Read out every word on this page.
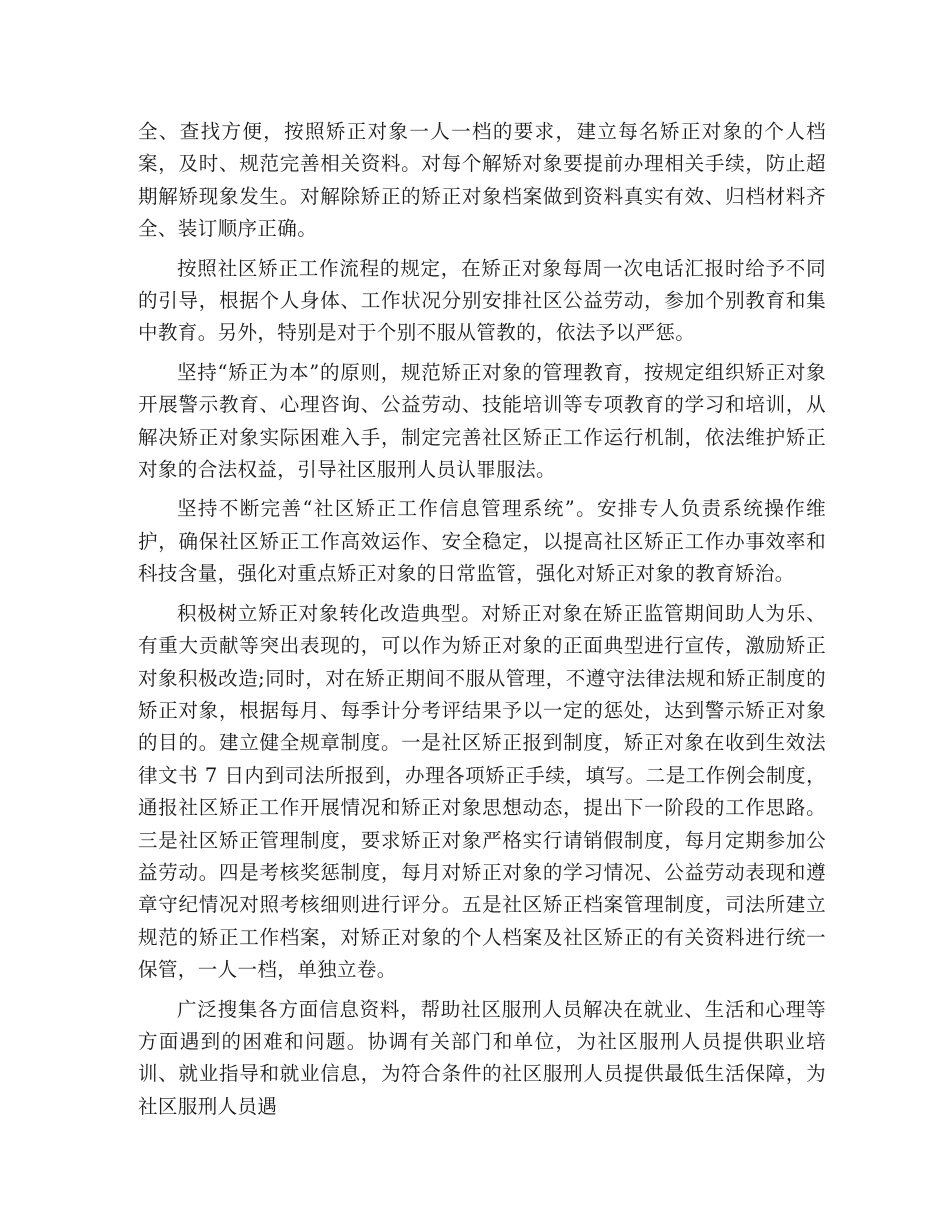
全、查找方便，按照矫正对象一人一档的要求，建立每名矫正对象的个人档案，及时、规范完善相关资料。对每个解矫对象要提前办理相关手续，防止超期解矫现象发生。对解除矫正的矫正对象档案做到资料真实有效、归档材料齐全、装订顺序正确。

按照社区矫正工作流程的规定，在矫正对象每周一次电话汇报时给予不同的引导，根据个人身体、工作状况分别安排社区公益劳动，参加个别教育和集中教育。另外，特别是对于个别不服从管教的，依法予以严惩。

坚持“矫正为本”的原则，规范矫正对象的管理教育，按规定组织矫正对象开展警示教育、心理咨询、公益劳动、技能培训等专项教育的学习和培训，从解决矫正对象实际困难入手，制定完善社区矫正工作运行机制，依法维护矫正对象的合法权益，引导社区服刑人员认罪服法。

坚持不断完善“社区矫正工作信息管理系统”。安排专人负责系统操作维护，确保社区矫正工作高效运作、安全稳定，以提高社区矫正工作办事效率和科技含量，强化对重点矫正对象的日常监管，强化对矫正对象的教育矫治。

积极树立矫正对象转化改造典型。对矫正对象在矫正监管期间助人为乐、有重大贡献等突出表现的，可以作为矫正对象的正面典型进行宣传，激励矫正对象积极改造;同时，对在矫正期间不服从管理，不遵守法律法规和矫正制度的矫正对象，根据每月、每季计分考评结果予以一定的惩处，达到警示矫正对象的目的。建立健全规章制度。一是社区矫正报到制度，矫正对象在收到生效法律文书 7 日内到司法所报到，办理各项矫正手续，填写。二是工作例会制度，通报社区矫正工作开展情况和矫正对象思想动态，提出下一阶段的工作思路。三是社区矫正管理制度，要求矫正对象严格实行请销假制度，每月定期参加公益劳动。四是考核奖惩制度，每月对矫正对象的学习情况、公益劳动表现和遵章守纪情况对照考核细则进行评分。五是社区矫正档案管理制度，司法所建立规范的矫正工作档案，对矫正对象的个人档案及社区矫正的有关资料进行统一保管，一人一档，单独立卷。

广泛搜集各方面信息资料，帮助社区服刑人员解决在就业、生活和心理等方面遇到的困难和问题。协调有关部门和单位，为社区服刑人员提供职业培训、就业指导和就业信息，为符合条件的社区服刑人员提供最低生活保障，为社区服刑人员遇
